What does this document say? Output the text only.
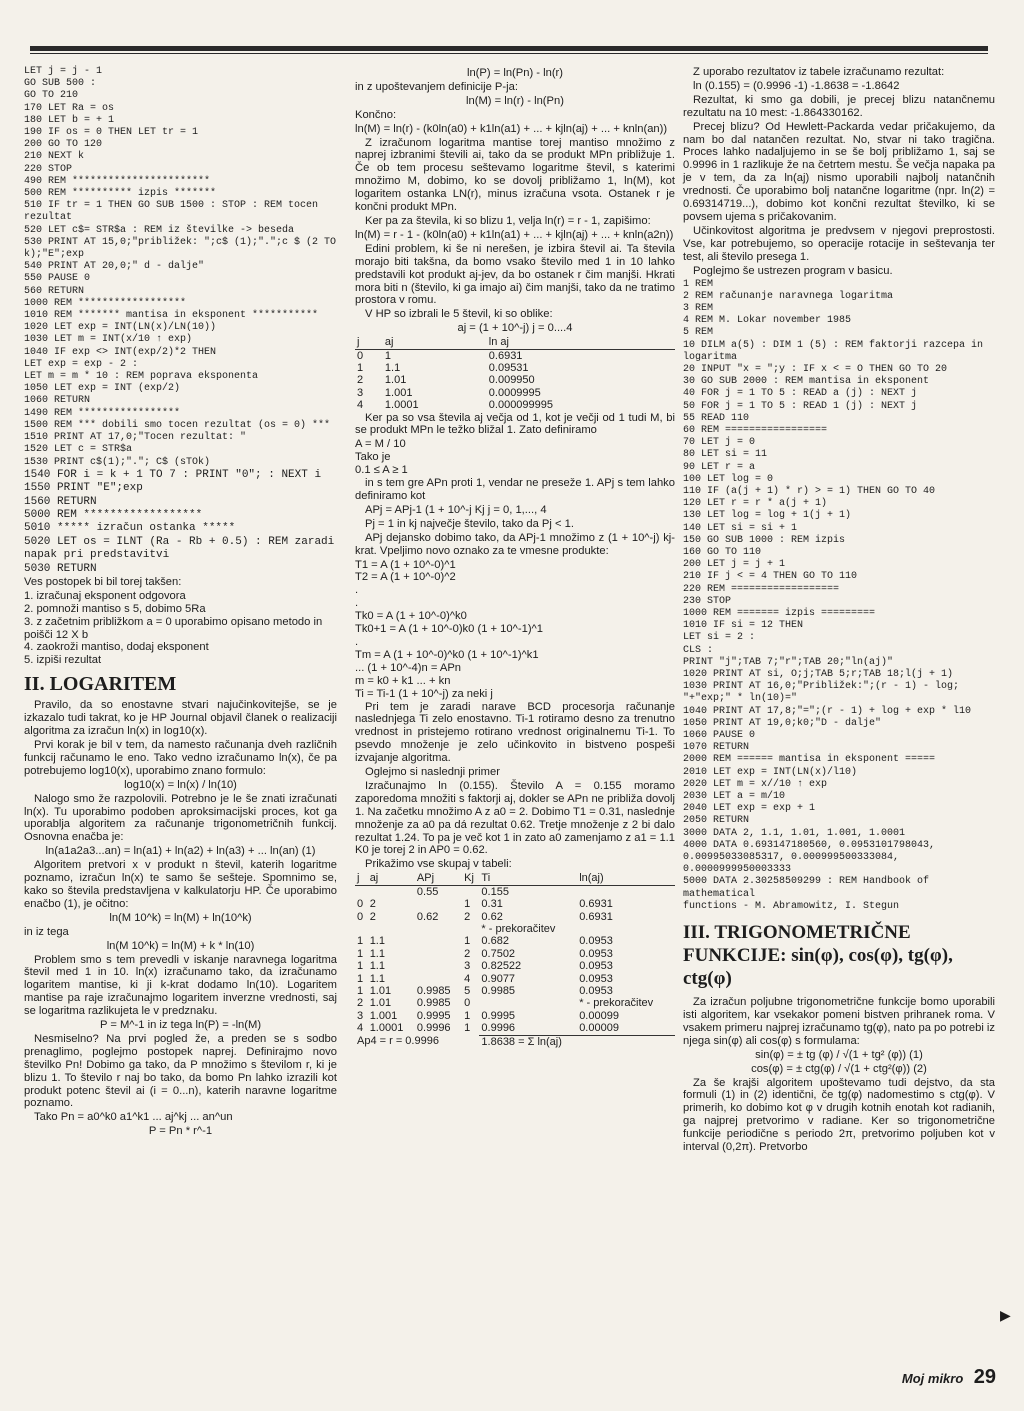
LET j = j - 1
GO SUB 500 :
GO TO 210
170 LET Ra = os
180 LET b = + 1
190 IF os = 0 THEN LET tr = 1
200 GO TO 120
210 NEXT k
220 STOP
490 REM ***********************
500 REM ********** izpis *******
510 IF tr = 1 THEN GO SUB 1500 : STOP : REM tocen rezultat
520 LET c$= STR$a : REM iz številke -> beseda
530 PRINT AT 15,0;"približek: ";c$ (1);".";c $ (2 TO k);"E";exp
540 PRINT AT 20,0;" d - dalje"
550 PAUSE 0
560 RETURN
1000 REM ******************
1010 REM ******* mantisa in eksponent ***********
1020 LET exp = INT(LN(x)/LN(10))
1030 LET m = INT(x/10 ↑ exp)
1040 IF exp <> INT(exp/2)*2 THEN
LET exp = exp - 2 :
LET m = m * 10 : REM poprava eksponenta
1050 LET exp = INT (exp/2)
1060 RETURN
1490 REM *****************
1500 REM *** dobili smo tocen rezultat (os = 0) ***
1510 PRINT AT 17,0;"Tocen rezultat: "
1520 LET c = STR$a
1530 PRINT c$(1);"."; C$ (sTOk)
1540 FOR i = k + 1 TO 7 : PRINT "0"; : NEXT i
1550 PRINT "E";exp
1560 RETURN
5000 REM ******************
5010 ***** izračun ostanka *****
5020 LET os = ILNT (Ra - Rb + 0.5) : REM zaradi napak pri predstavitvi
5030 RETURN

Ves postopek bi bil torej takšen:

1. izračunaj eksponent odgovora
2. pomnoži mantiso s 5, dobimo 5Ra
3. z začetnim približkom a = 0 uporabimo opisano metodo in poišči 12 X b
4. zaokroži mantiso, dodaj eksponent
5. izpiši rezultat
II. LOGARITEM

Pravilo, da so enostavne stvari najučinkovitejše, se je izkazalo tudi takrat, ko je HP Journal objavil članek o realizaciji algoritma za izračun ln(x) in log10(x).

Prvi korak je bil v tem, da namesto računanja dveh različnih funkcij računamo le eno. Tako vedno izračunamo ln(x), če pa potrebujemo log10(x), uporabimo znano formulo:

log10(x) = ln(x) / ln(10)

Nalogo smo že razpolovili. Potrebno je le še znati izračunati ln(x). Tu uporabimo podoben aproksimacijski proces, kot ga uporablja algoritem za računanje trigonometričnih funkcij. Osnovna enačba je:

ln(a1a2a3...an) = ln(a1) + ln(a2) + ln(a3) + ... ln(an) (1)

Algoritem pretvori x v produkt n števil, katerih logaritme poznamo, izračun ln(x) te samo še sešteje. Spomnimo se, kako so števila predstavljena v kalkulatorju HP. Če uporabimo enačbo (1), je očitno:

ln(M 10^k) = ln(M) + ln(10^k)
in iz tega
ln(M 10^k) = ln(M) + k * ln(10)

Problem smo s tem prevedli v iskanje naravnega logaritma števil med 1 in 10. ln(x) izračunamo tako, da izračunamo logaritem mantise, ki ji k-krat dodamo ln(10). Logaritem mantise pa raje izračunajmo logaritem inverzne vrednosti, saj se logaritma razlikujeta le v predznaku.

P = M^-1 in iz tega ln(P) = -ln(M)

Nesmiselno? Na prvi pogled že, a preden se s sodbo prenaglimo, poglejmo postopek naprej. Definirajmo novo številko Pn! Dobimo ga tako, da P množimo s številom r, ki je blizu 1. To število r naj bo tako, da bomo Pn lahko izrazili kot produkt potenc števil ai (i = 0...n), katerih naravne logaritme poznamo.

Tako Pn = a0^k0 a1^k1 ... aj^kj ... an^un

P = Pn * r^-1
ln(P) = ln(Pn) - ln(r)

in z upoštevanjem definicije P-ja:

ln(M) = ln(r) - ln(Pn)

Končno:

ln(M) = ln(r) - (k0ln(a0) + k1ln(a1) + ... + kjln(aj) + ... + knln(an))

Z izračunom logaritma mantise torej mantiso množimo z naprej izbranimi števili ai, tako da se produkt MPn približuje 1. Če ob tem procesu seštevamo logaritme števil, s katerimi množimo M, dobimo, ko se dovolj približamo 1, ln(M), kot logaritem ostanka LN(r), minus izračuna vsota. Ostanek r je končni produkt MPn.

Ker pa za števila, ki so blizu 1, velja ln(r) = r - 1, zapišimo:

ln(M) = r - 1 - (k0ln(a0) + k1ln(a1) + ... + kjln(aj) + ... + knln(a2n))

Edini problem, ki še ni nerešen, je izbira števil ai. Ta števila morajo biti takšna, da bomo vsako število med 1 in 10 lahko predstavili kot produkt aj-jev, da bo ostanek r čim manjši. Hkrati mora biti n (število, ki ga imajo ai) čim manjši, tako da ne tratimo prostora v romu.

V HP so izbrali le 5 števil, ki so oblike:

aj = (1 + 10^-j) j = 0....4
j	aj	ln aj
0	1	0.6931
1	1.1	0.09531
2	1.01	0.009950
3	1.001	0.0009995
4	1.0001	0.000099995

Ker pa so vsa števila aj večja od 1, kot je večji od 1 tudi M, bi se produkt MPn le težko bližal 1. Zato definiramo

A = M / 10
Tako je
0.1 ≤ A ≥ 1

in s tem gre APn proti 1, vendar ne preseže 1. APj s tem lahko definiramo kot

APj = APj-1 (1 + 10^-j Kj j = 0, 1,..., 4

Pj = 1 in kj največje število, tako da Pj < 1.

APj dejansko dobimo tako, da APj-1 množimo z (1 + 10^-j) kj-krat. Vpeljimo novo oznako za te vmesne produkte:

T1 = A (1 + 10^-0)^1
T2 = A (1 + 10^-0)^2
.
.
Tk0 = A (1 + 10^-0)^k0
Tk0+1 = A (1 + 10^-0)k0 (1 + 10^-1)^1
.
Tm = A (1 + 10^-0)^k0 (1 + 10^-1)^k1
... (1 + 10^-4)n = APn
m = k0 + k1 ... + kn
Ti = Ti-1 (1 + 10^-j) za neki j

Pri tem je zaradi narave BCD procesorja računanje naslednjega Ti zelo enostavno. Ti-1 rotiramo desno za trenutno vrednost in pristejemo rotirano vrednost originalnemu Ti-1. To psevdo množenje je zelo učinkovito in bistveno pospeši izvajanje algoritma.

Oglejmo si naslednji primer

Izračunajmo ln (0.155). Število A = 0.155 moramo zaporedoma množiti s faktorji aj, dokler se APn ne približa dovolj 1. Na začetku množimo A z a0 = 2. Dobimo T1 = 0.31, naslednje množenje za a0 pa dá rezultat 0.62. Tretje množenje z 2 bi dalo rezultat 1.24. To pa je več kot 1 in zato a0 zamenjamo z a1 = 1.1 K0 je torej 2 in AP0 = 0.62.

Prikažimo vse skupaj v tabeli:

j	aj	APj	Kj	Ti	ln(aj)
		0.55		0.155	
0	2		1	0.31	0.6931
0	2	0.62	2	0.62	0.6931
				* - prekoračitev	
1	1.1		1	0.682	0.0953
1	1.1		2	0.7502	0.0953
1	1.1		3	0.82522	0.0953
1	1.1		4	0.9077	0.0953
1	1.01	0.9985	5	0.9985	0.0953
2	1.01	0.9985	0		* - prekoračitev
3	1.001	0.9995	1	0.9995	0.00099
4	1.0001	0.9996	1	0.9996	0.00009
Ap4 = r = 0.9996				1.8638 = Σ ln(aj)	

Z uporabo rezultatov iz tabele izračunamo rezultat:

ln (0.155) = (0.9996 -1) -1.8638 = -1.8642

Rezultat, ki smo ga dobili, je precej blizu natančnemu rezultatu na 10 mest: -1.864330162.

Precej blizu? Od Hewlett-Packarda vedar pričakujemo, da nam bo dal natančen rezultat. No, stvar ni tako tragična. Proces lahko nadaljujemo in se še bolj približamo 1, saj se 0.9996 in 1 razlikuje že na četrtem mestu. Še večja napaka pa je v tem, da za ln(aj) nismo uporabili najbolj natančnih vrednosti. Če uporabimo bolj natančne logaritme (npr. ln(2) = 0.69314719...), dobimo kot končni rezultat številko, ki se povsem ujema s pričakovanim.

Učinkovitost algoritma je predvsem v njegovi preprostosti. Vse, kar potrebujemo, so operacije rotacije in seštevanja ter test, ali število presega 1.

Poglejmo še ustrezen program v basicu.

1 REM
2 REM računanje naravnega logaritma
3 REM
4 REM M. Lokar november 1985
5 REM
10 DILM a(5) : DIM 1 (5) : REM faktorji razcepa in logaritma
20 INPUT "x = ";y : IF x < = O THEN GO TO 20
30 GO SUB 2000 : REM mantisa in eksponent
40 FOR j = 1 TO 5 : READ a (j) : NEXT j
50 FOR j = 1 TO 5 : READ 1 (j) : NEXT j
55 READ 110
60 REM =================
70 LET j = 0
80 LET si = 11
90 LET r = a
100 LET log = 0
110 IF (a(j + 1) * r) > = 1) THEN GO TO 40
120 LET r = r * a(j + 1)
130 LET log = log + 1(j + 1)
140 LET si = si + 1
150 GO SUB 1000 : REM izpis
160 GO TO 110
200 LET j = j + 1
210 IF j < = 4 THEN GO TO 110
220 REM ==================
230 STOP
1000 REM ======= izpis =========
1010 IF si = 12 THEN
LET si = 2 :
CLS :
PRINT "j";TAB 7;"r";TAB 20;"ln(aj)"
1020 PRINT AT si, O;j;TAB 5;r;TAB 18;l(j + 1)
1030 PRINT AT 16,0;"Približek:";(r - 1) - log; "+"exp;" * ln(10)="
1040 PRINT AT 17,8;"=";(r - 1) + log + exp * l10
1050 PRINT AT 19,0;k0;"D - dalje"
1060 PAUSE 0
1070 RETURN
2000 REM ====== mantisa in eksponent =====
2010 LET exp = INT(LN(x)/l10)
2020 LET m = x//10 ↑ exp
2030 LET a = m/10
2040 LET exp = exp + 1
2050 RETURN
3000 DATA 2, 1.1, 1.01, 1.001, 1.0001
4000 DATA 0.693147180560, 0.0953101798043, 0.00995033085317, 0.000999500333084, 0.0000999950003333
5000 DATA 2.30258509299 : REM Handbook of mathematical
functions - M. Abramowitz, I. Stegun
III. TRIGONOMETRIČNE FUNKCIJE: sin(φ), cos(φ), tg(φ), ctg(φ)

Za izračun poljubne trigonometrične funkcije bomo uporabili isti algoritem, kar vsekakor pomeni bistven prihranek roma. V vsakem primeru najprej izračunamo tg(φ), nato pa po potrebi iz njega sin(φ) ali cos(φ) s formulama:

sin(φ) = ± tg (φ) / √(1 + tg² (φ)) (1)
cos(φ) = ± ctg(φ) / √(1 + ctg²(φ)) (2)

Za še krajši algoritem upoštevamo tudi dejstvo, da sta formuli (1) in (2) identični, če tg(φ) nadomestimo s ctg(φ). V primerih, ko dobimo kot φ v drugih kotnih enotah kot radianih, ga najprej pretvorimo v radiane. Ker so trigonometrične funkcije periodične s periodo 2π, pretvorimo poljuben kot v interval (0,2π). Pretvorbo

▶
Moj mikro 29
